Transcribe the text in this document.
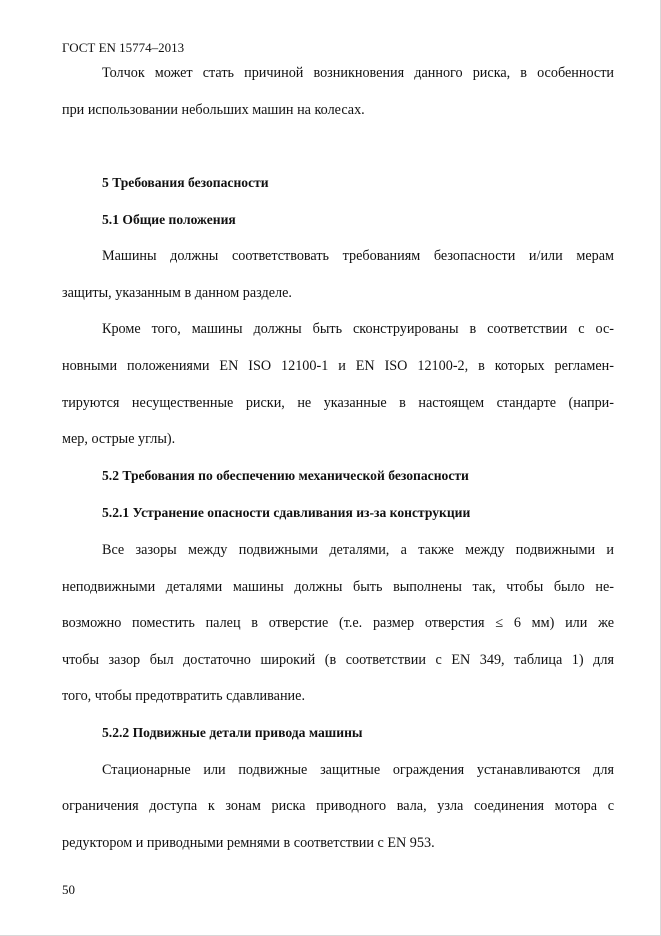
ГОСТ EN 15774–2013
Толчок может стать причиной возникновения данного риска, в особенности
при использовании небольших машин на колесах.
5 Требования безопасности
5.1 Общие положения
Машины должны соответствовать требованиям безопасности и/или мерам
защиты, указанным в данном разделе.
Кроме того, машины должны быть сконструированы в соответствии с ос-
новными положениями EN ISO 12100-1 и EN ISO 12100-2, в которых регламен-
тируются несущественные риски, не указанные в настоящем стандарте (напри-
мер, острые углы).
5.2 Требования по обеспечению механической безопасности
5.2.1 Устранение опасности сдавливания из-за конструкции
Все зазоры между подвижными деталями, а также между подвижными и
неподвижными деталями машины должны быть выполнены так, чтобы было не-
возможно поместить палец в отверстие (т.е. размер отверстия ≤ 6 мм) или же
чтобы зазор был достаточно широкий (в соответствии с EN 349, таблица 1) для
того, чтобы предотвратить сдавливание.
5.2.2 Подвижные детали привода машины
Стационарные или подвижные защитные ограждения устанавливаются для
ограничения доступа к зонам риска приводного вала, узла соединения мотора с
редуктором и приводными ремнями в соответствии с EN 953.
50
